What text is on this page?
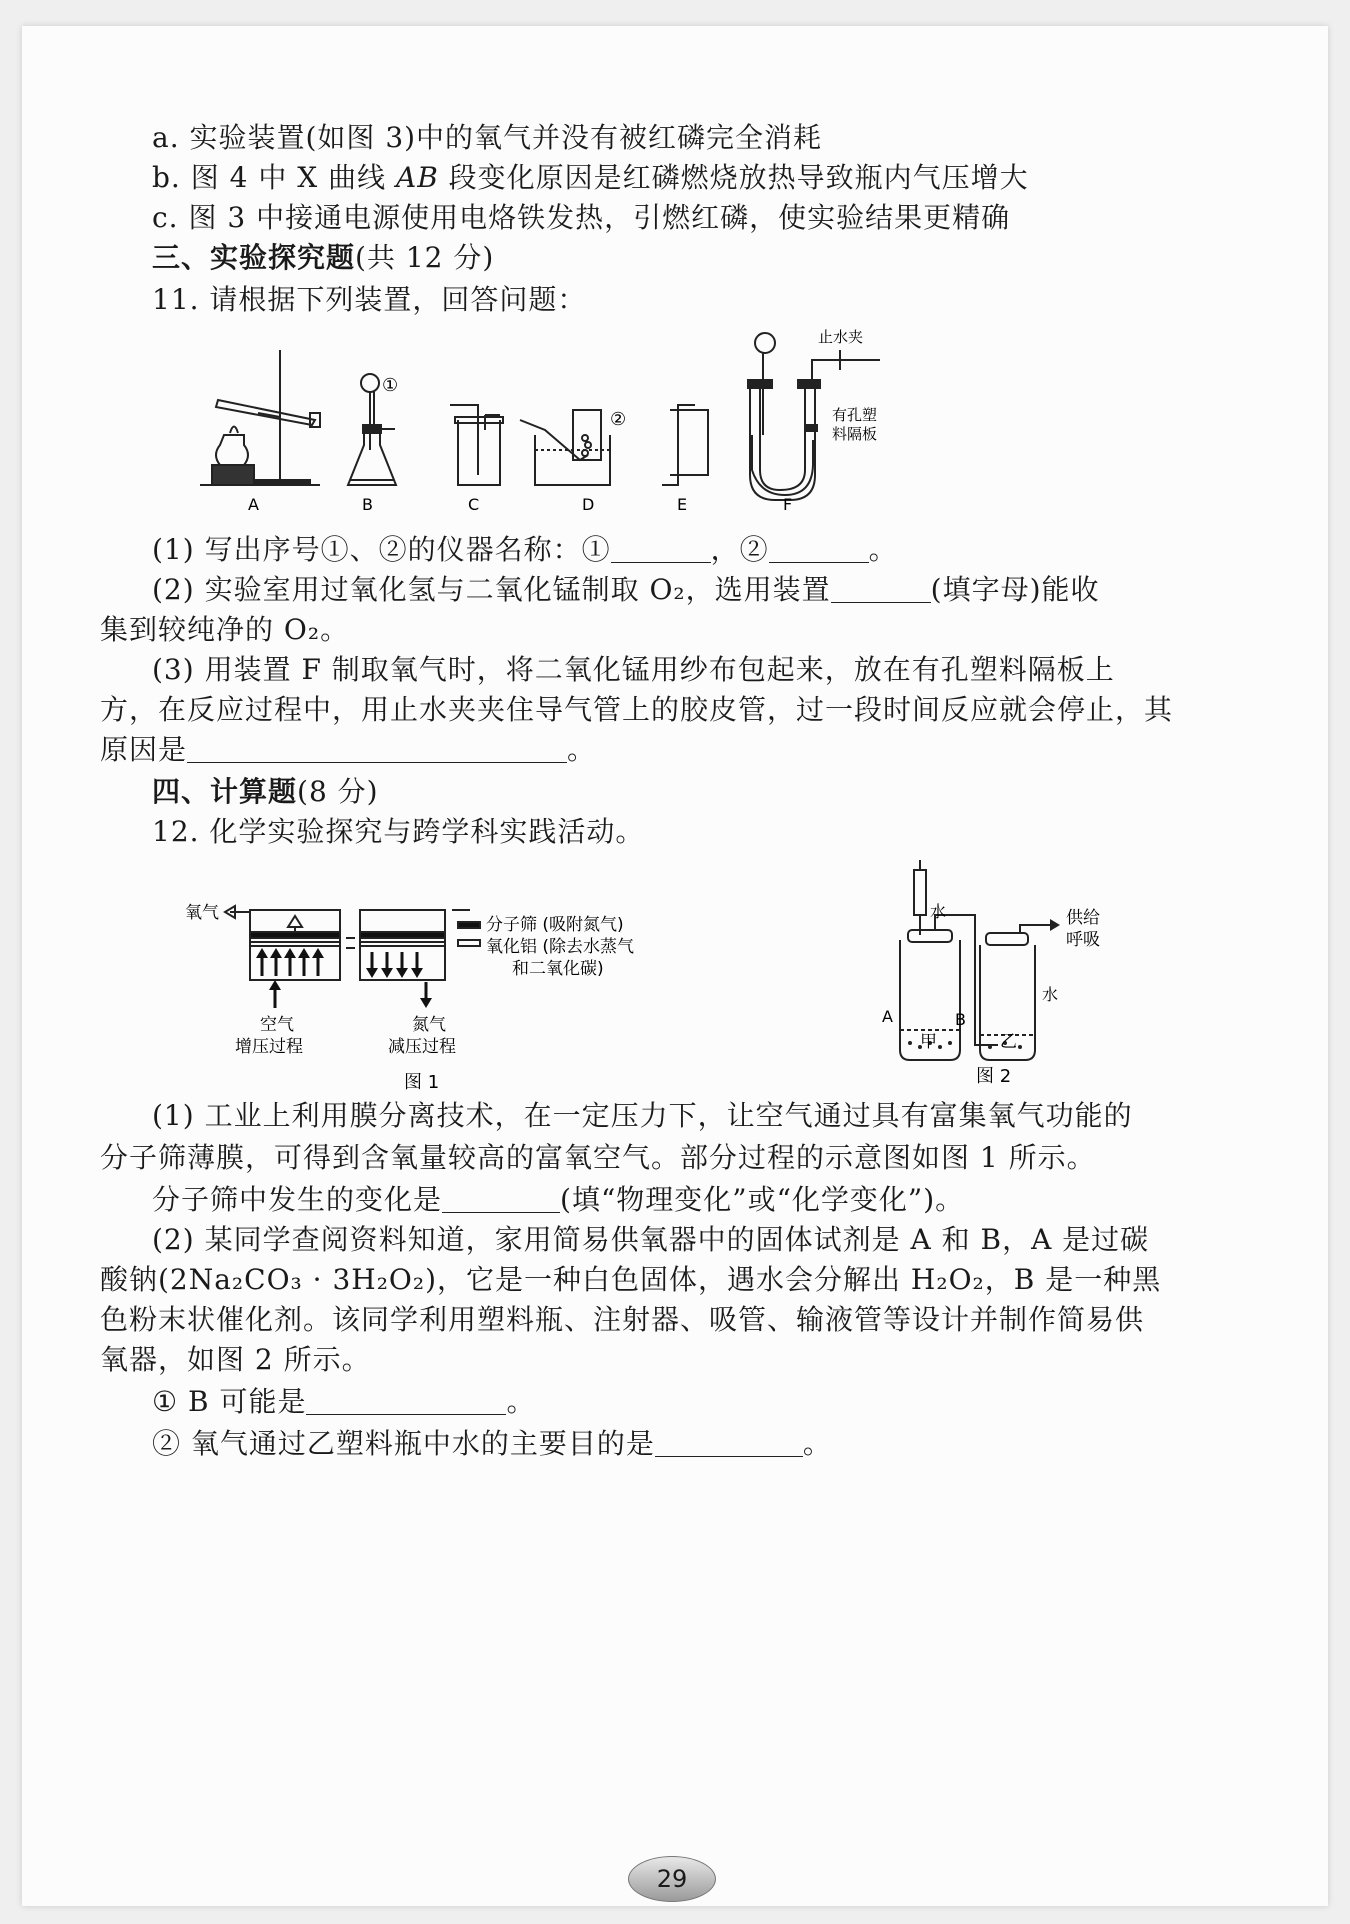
a. 实验装置(如图 3)中的氧气并没有被红磷完全消耗
b. 图 4 中 X 曲线 AB 段变化原因是红磷燃烧放热导致瓶内气压增大
c. 图 3 中接通电源使用电烙铁发热，引燃红磷，使实验结果更精确
三、实验探究题(共 12 分)
11. 请根据下列装置，回答问题：
A	B	C	D	E	F
①
②
止水夹
有孔塑
料隔板
(1) 写出序号①、②的仪器名称：①	，②	。
(2) 实验室用过氧化氢与二氧化锰制取 O₂，选用装置	(填字母)能收
集到较纯净的 O₂。
(3) 用装置 F 制取氧气时，将二氧化锰用纱布包起来，放在有孔塑料隔板上
方，在反应过程中，用止水夹夹住导气管上的胶皮管，过一段时间反应就会停止，其
原因是	。
四、计算题(8 分)
12. 化学实验探究与跨学科实践活动。
氧气
空气
增压过程
氮气
减压过程
分子筛 (吸附氮气)
氧化铝 (除去水蒸气
和二氧化碳)
图 1
水	供给
呼吸
水
A	B
甲	乙
图 2
(1) 工业上利用膜分离技术，在一定压力下，让空气通过具有富集氧气功能的
分子筛薄膜，可得到含氧量较高的富氧空气。部分过程的示意图如图 1 所示。
分子筛中发生的变化是	(填“物理变化”或“化学变化”)。
(2) 某同学查阅资料知道，家用简易供氧器中的固体试剂是 A 和 B，A 是过碳
酸钠(2Na₂CO₃ · 3H₂O₂)，它是一种白色固体，遇水会分解出 H₂O₂，B 是一种黑
色粉末状催化剂。该同学利用塑料瓶、注射器、吸管、输液管等设计并制作简易供
氧器，如图 2 所示。
① B 可能是	。
② 氧气通过乙塑料瓶中水的主要目的是	。
29
